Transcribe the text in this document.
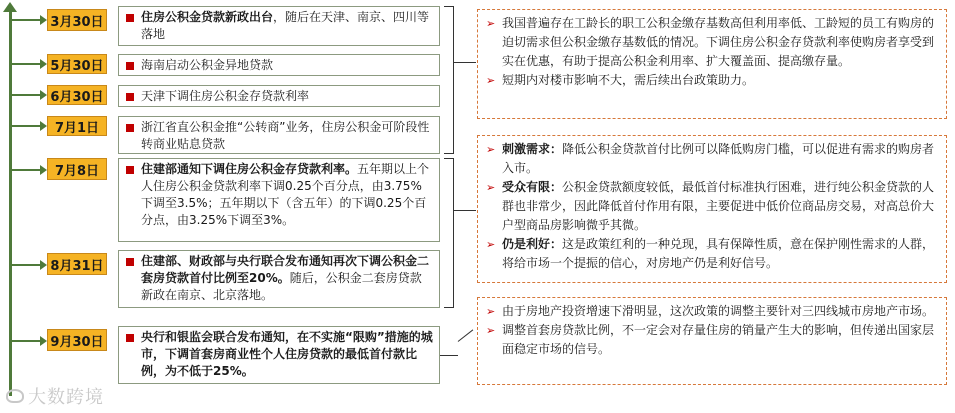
3月30日
5月30日
6月30日
7月1日
7月8日
8月31日
9月30日
住房公积金贷款新政出台，随后在天津、南京、四川等落地
海南启动公积金异地贷款
天津下调住房公积金存贷款利率
浙江省直公积金推“公转商”业务，住房公积金可阶段性转商业贴息贷款
住建部通知下调住房公积金存贷款利率。五年期以上个人住房公积金贷款利率下调0.25个百分点，由3.75%下调至3.5%；五年期以下（含五年）的下调0.25个百分点，由3.25%下调至3%。
住建部、财政部与央行联合发布通知再次下调公积金二套房贷款首付比例至20%。随后，公积金二套房贷款新政在南京、北京落地。
央行和银监会联合发布通知，在不实施“限购”措施的城市，下调首套房商业性个人住房贷款的最低首付款比例，为不低于25%。
➢ 我国普遍存在工龄长的职工公积金缴存基数高但利用率低、工龄短的员工有购房的迫切需求但公积金缴存基数低的情况。下调住房公积金存贷款利率使购房者享受到实在优惠，有助于提高公积金利用率、扩大覆盖面、提高缴存量。
➢ 短期内对楼市影响不大，需后续出台政策助力。
➢ 刺激需求：降低公积金贷款首付比例可以降低购房门槛，可以促进有需求的购房者入市。
➢ 受众有限：公积金贷款额度较低，最低首付标准执行困难，进行纯公积金贷款的人群也非常少，因此降低首付作用有限，主要促进中低价位商品房交易，对高总价大户型商品房影响微乎其微。
➢ 仍是利好：这是政策红利的一种兑现，具有保障性质，意在保护刚性需求的人群，将给市场一个提振的信心，对房地产仍是利好信号。
➢ 由于房地产投资增速下滑明显，这次政策的调整主要针对三四线城市房地产市场。
➢ 调整首套房贷款比例，不一定会对存量住房的销量产生大的影响，但传递出国家层面稳定市场的信号。
大数跨境
